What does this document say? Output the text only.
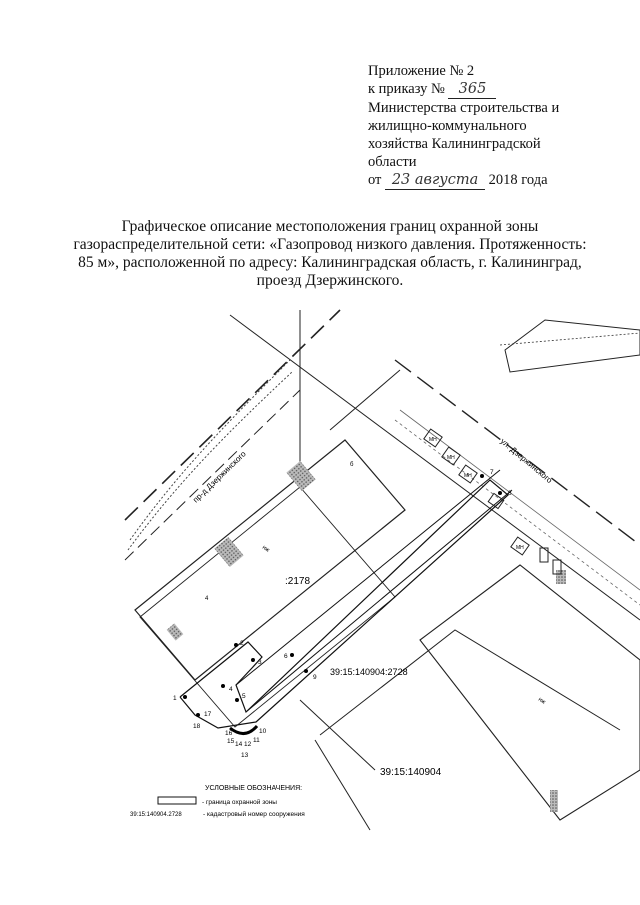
Приложение № 2
к приказу № 365
Министерства строительства и
жилищно-коммунального
хозяйства Калининградской
области
от 23 августа 2018 года
Графическое описание местоположения границ охранной зоны
газораспределительной сети: «Газопровод низкого давления. Протяженность:
85 м», расположенной по адресу: Калининградская область, г. Калининград,
проезд Дзержинского.
МН
МН
МН
МН
пр-д Дзержинского	ул. Дзержинского
:2178
39:15:140904:2728
39:15:140904
нж
нж
б
4
1
2
3
4
5
6
7
8
9
10
11
12
13
14
15
16
17
18
УСЛОВНЫЕ ОБОЗНАЧЕНИЯ:
- граница охранной зоны
39:15:140904.2728	- кадастровый номер сооружения
